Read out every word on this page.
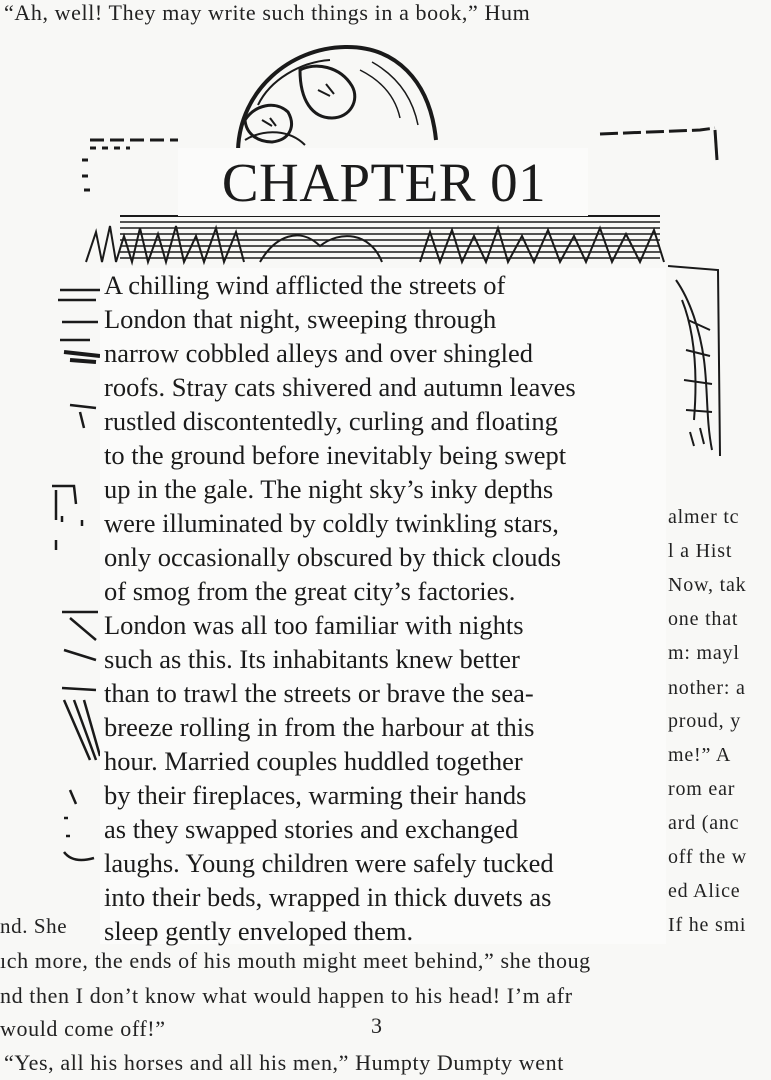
“Ah, well! They may write such things in a book,” Hum
almer tc
l a Hist
Now, tak
one that
m: mayl
nother: a
proud, y
me!” A
rom ear
ard (anc
off the w
ed Alice
If he smi
nd. She
ıch more, the ends of his mouth might meet behind,” she thoug
nd then I don’t know what would happen to his head! I’m afr
would come off!”	3
“Yes, all his horses and all his men,” Humpty Dumpty went
CHAPTER 01
A chilling wind afflicted the streets of
London that night, sweeping through
narrow cobbled alleys and over shingled
roofs. Stray cats shivered and autumn leaves
rustled discontentedly, curling and floating
to the ground before inevitably being swept
up in the gale. The night sky’s inky depths
were illuminated by coldly twinkling stars,
only occasionally obscured by thick clouds
of smog from the great city’s factories.
London was all too familiar with nights
such as this. Its inhabitants knew better
than to trawl the streets or brave the sea-
breeze rolling in from the harbour at this
hour. Married couples huddled together
by their fireplaces, warming their hands
as they swapped stories and exchanged
laughs. Young children were safely tucked
into their beds, wrapped in thick duvets as
sleep gently enveloped them.
